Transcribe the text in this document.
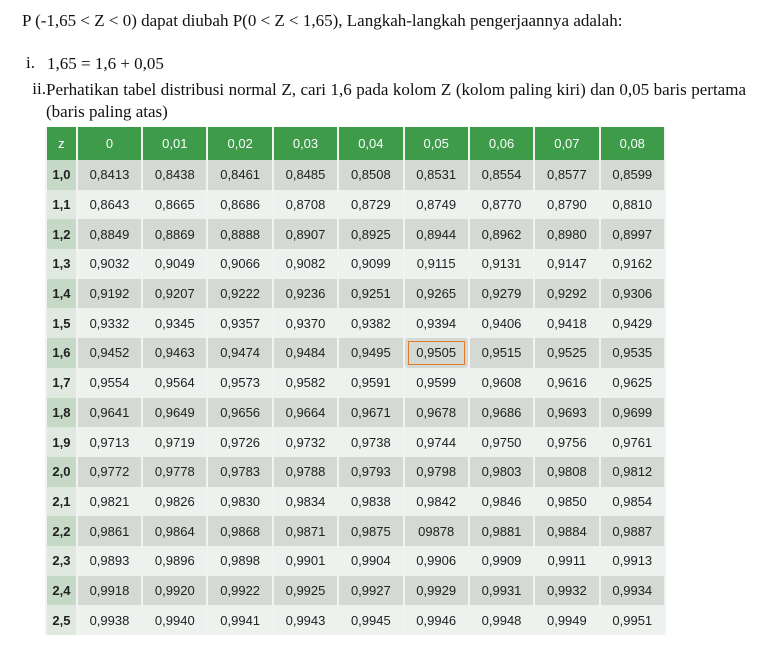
P (-1,65 < Z < 0) dapat diubah P(0 < Z < 1,65), Langkah-langkah pengerjaannya adalah:
i. 1,65 = 1,6 + 0,05
ii. Perhatikan tabel distribusi normal Z, cari 1,6 pada kolom Z (kolom paling kiri) dan 0,05 baris pertama (baris paling atas)
z	0	0,01	0,02	0,03	0,04	0,05	0,06	0,07	0,08
1,0	0,8413	0,8438	0,8461	0,8485	0,8508	0,8531	0,8554	0,8577	0,8599
1,1	0,8643	0,8665	0,8686	0,8708	0,8729	0,8749	0,8770	0,8790	0,8810
1,2	0,8849	0,8869	0,8888	0,8907	0,8925	0,8944	0,8962	0,8980	0,8997
1,3	0,9032	0,9049	0,9066	0,9082	0,9099	0,9115	0,9131	0,9147	0,9162
1,4	0,9192	0,9207	0,9222	0,9236	0,9251	0,9265	0,9279	0,9292	0,9306
1,5	0,9332	0,9345	0,9357	0,9370	0,9382	0,9394	0,9406	0,9418	0,9429
1,6	0,9452	0,9463	0,9474	0,9484	0,9495	0,9505	0,9515	0,9525	0,9535
1,7	0,9554	0,9564	0,9573	0,9582	0,9591	0,9599	0,9608	0,9616	0,9625
1,8	0,9641	0,9649	0,9656	0,9664	0,9671	0,9678	0,9686	0,9693	0,9699
1,9	0,9713	0,9719	0,9726	0,9732	0,9738	0,9744	0,9750	0,9756	0,9761
2,0	0,9772	0,9778	0,9783	0,9788	0,9793	0,9798	0,9803	0,9808	0,9812
2,1	0,9821	0,9826	0,9830	0,9834	0,9838	0,9842	0,9846	0,9850	0,9854
2,2	0,9861	0,9864	0,9868	0,9871	0,9875	09878	0,9881	0,9884	0,9887
2,3	0,9893	0,9896	0,9898	0,9901	0,9904	0,9906	0,9909	0,9911	0,9913
2,4	0,9918	0,9920	0,9922	0,9925	0,9927	0,9929	0,9931	0,9932	0,9934
2,5	0,9938	0,9940	0,9941	0,9943	0,9945	0,9946	0,9948	0,9949	0,9951
